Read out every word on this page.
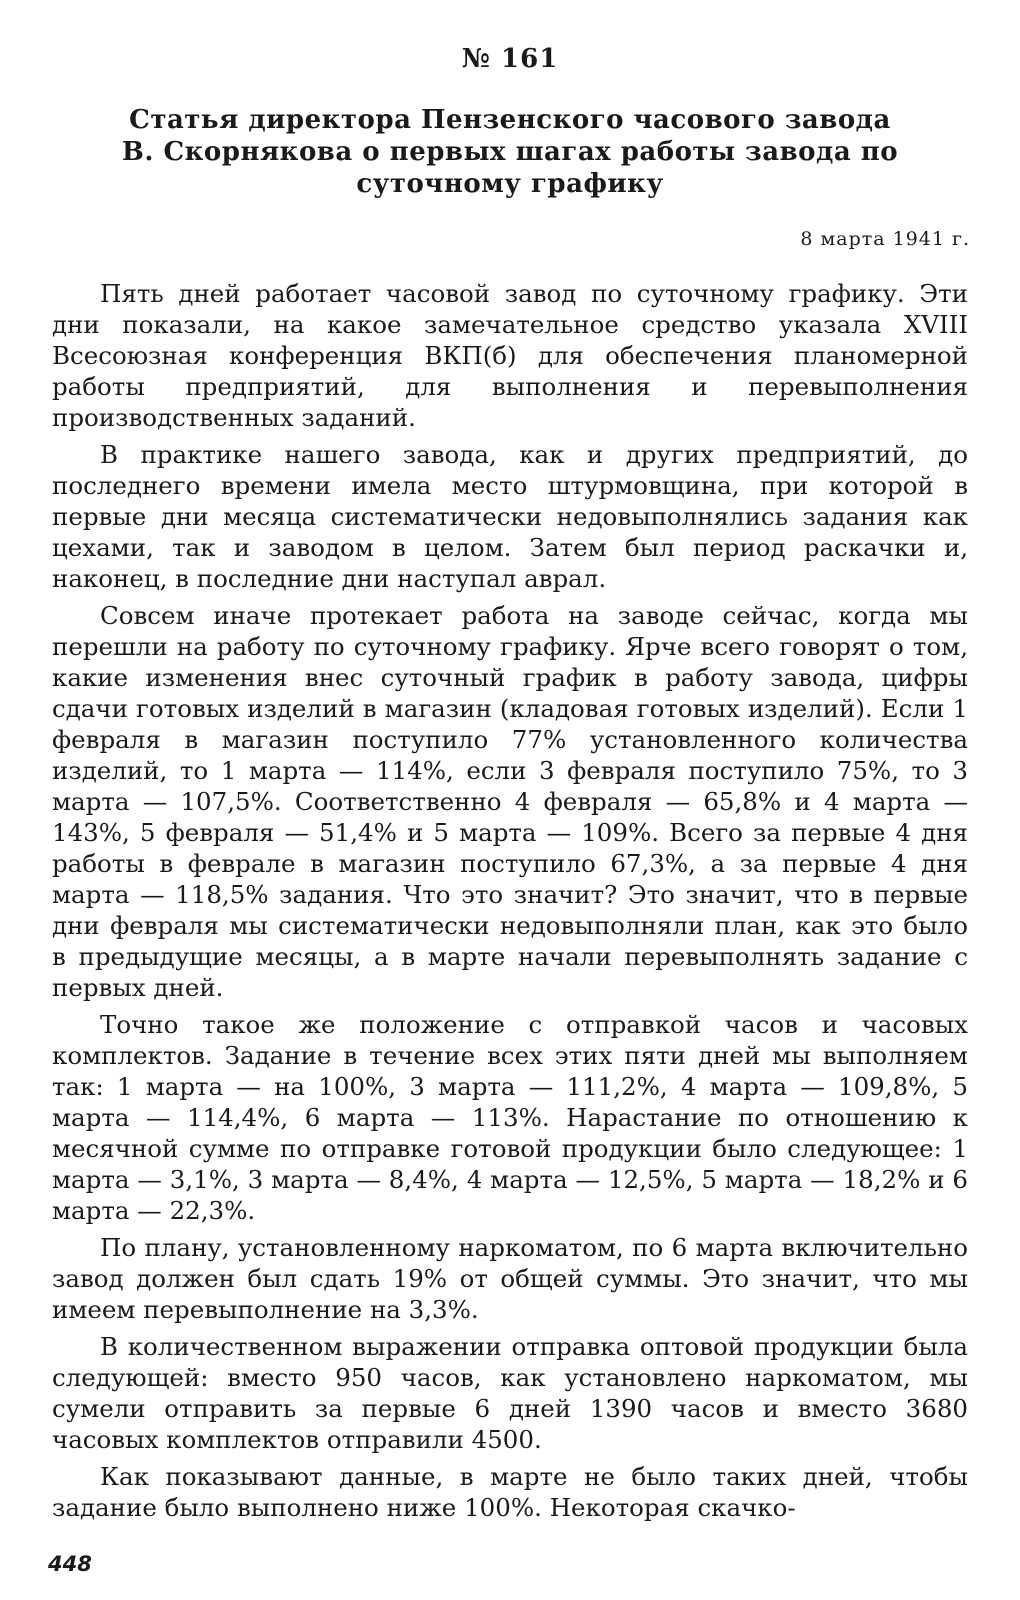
№ 161
Статья директора Пензенского часового завода
В. Скорнякова о первых шагах работы завода по
суточному графику
8 марта 1941 г.

Пять дней работает часовой завод по суточному графику. Эти дни показали, на какое замечательное средство указала XVIII Всесоюзная конференция ВКП(б) для обеспечения планомерной работы предприятий, для выполнения и перевыполнения производственных заданий.

В практике нашего завода, как и других предприятий, до последнего времени имела место штурмовщина, при которой в первые дни месяца систематически недовыполнялись задания как цехами, так и заводом в целом. Затем был период раскачки и, наконец, в последние дни наступал аврал.

Совсем иначе протекает работа на заводе сейчас, когда мы перешли на работу по суточному графику. Ярче всего говорят о том, какие изменения внес суточный график в работу завода, цифры сдачи готовых изделий в магазин (кладовая готовых изделий). Если 1 февраля в магазин поступило 77% установленного количества изделий, то 1 марта — 114%, если 3 февраля поступило 75%, то 3 марта — 107,5%. Соответственно 4 февраля — 65,8% и 4 марта — 143%, 5 февраля — 51,4% и 5 марта — 109%. Всего за первые 4 дня работы в феврале в магазин поступило 67,3%, а за первые 4 дня марта — 118,5% задания. Что это значит? Это значит, что в первые дни февраля мы систематически недовыполняли план, как это было в предыдущие месяцы, а в марте начали перевыполнять задание с первых дней.

Точно такое же положение с отправкой часов и часовых комплектов. Задание в течение всех этих пяти дней мы выполняем так: 1 марта — на 100%, 3 марта — 111,2%, 4 марта — 109,8%, 5 марта — 114,4%, 6 марта — 113%. Нарастание по отношению к месячной сумме по отправке готовой продукции было следующее: 1 марта — 3,1%, 3 марта — 8,4%, 4 марта — 12,5%, 5 марта — 18,2% и 6 марта — 22,3%.

По плану, установленному наркоматом, по 6 марта включительно завод должен был сдать 19% от общей суммы. Это значит, что мы имеем перевыполнение на 3,3%.

В количественном выражении отправка оптовой продукции была следующей: вместо 950 часов, как установлено наркоматом, мы сумели отправить за первые 6 дней 1390 часов и вместо 3680 часовых комплектов отправили 4500.

Как показывают данные, в марте не было таких дней, чтобы задание было выполнено ниже 100%. Некоторая скачко-

448
